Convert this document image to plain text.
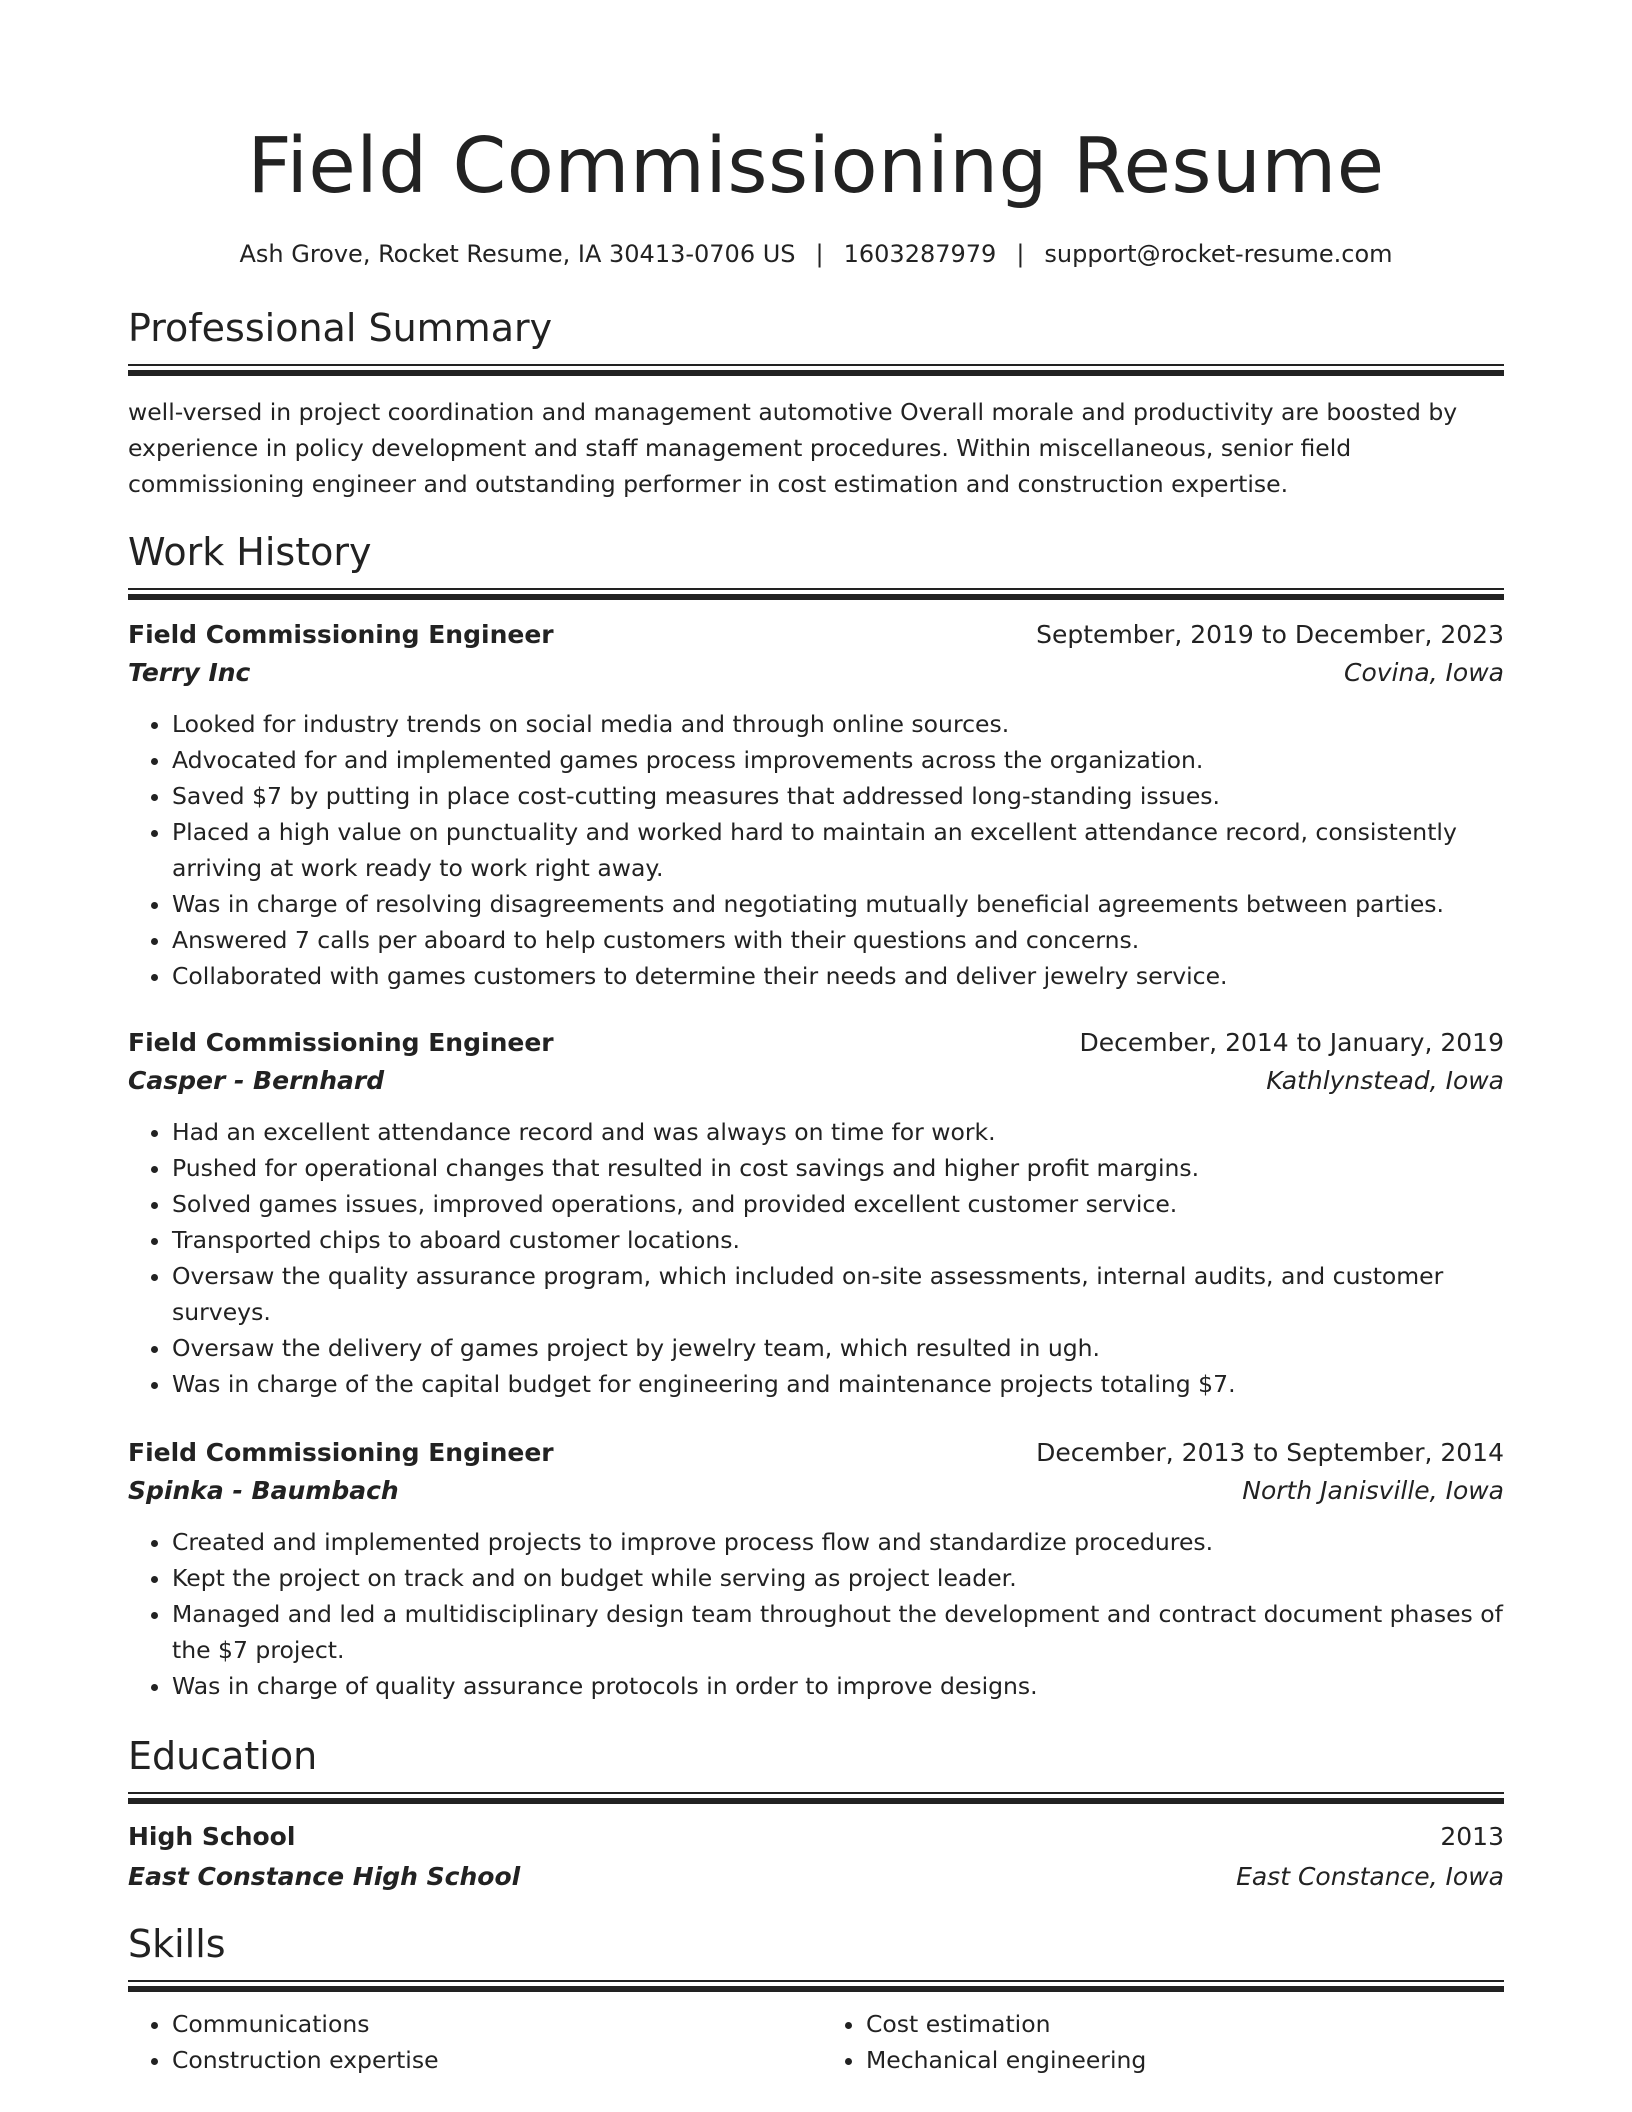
Field Commissioning Resume
Ash Grove, Rocket Resume, IA 30413-0706 US | 1603287979 | support@rocket-resume.com
Professional Summary

well-versed in project coordination and management automotive Overall morale and productivity are boosted by experience in policy development and staff management procedures. Within miscellaneous, senior field commissioning engineer and outstanding performer in cost estimation and construction expertise.

Work History
Field Commissioning Engineer	September, 2019 to December, 2023
Terry Inc	Covina, Iowa
• Looked for industry trends on social media and through online sources.
• Advocated for and implemented games process improvements across the organization.
• Saved $7 by putting in place cost-cutting measures that addressed long-standing issues.
• Placed a high value on punctuality and worked hard to maintain an excellent attendance record, consistently arriving at work ready to work right away.
• Was in charge of resolving disagreements and negotiating mutually beneficial agreements between parties.
• Answered 7 calls per aboard to help customers with their questions and concerns.
• Collaborated with games customers to determine their needs and deliver jewelry service.
Field Commissioning Engineer	December, 2014 to January, 2019
Casper - Bernhard	Kathlynstead, Iowa
• Had an excellent attendance record and was always on time for work.
• Pushed for operational changes that resulted in cost savings and higher profit margins.
• Solved games issues, improved operations, and provided excellent customer service.
• Transported chips to aboard customer locations.
• Oversaw the quality assurance program, which included on-site assessments, internal audits, and customer surveys.
• Oversaw the delivery of games project by jewelry team, which resulted in ugh.
• Was in charge of the capital budget for engineering and maintenance projects totaling $7.
Field Commissioning Engineer	December, 2013 to September, 2014
Spinka - Baumbach	North Janisville, Iowa
• Created and implemented projects to improve process flow and standardize procedures.
• Kept the project on track and on budget while serving as project leader.
• Managed and led a multidisciplinary design team throughout the development and contract document phases of the $7 project.
• Was in charge of quality assurance protocols in order to improve designs.
Education
High School	2013
East Constance High School	East Constance, Iowa
Skills
• Communications
• Construction expertise
• Cost estimation
• Mechanical engineering
